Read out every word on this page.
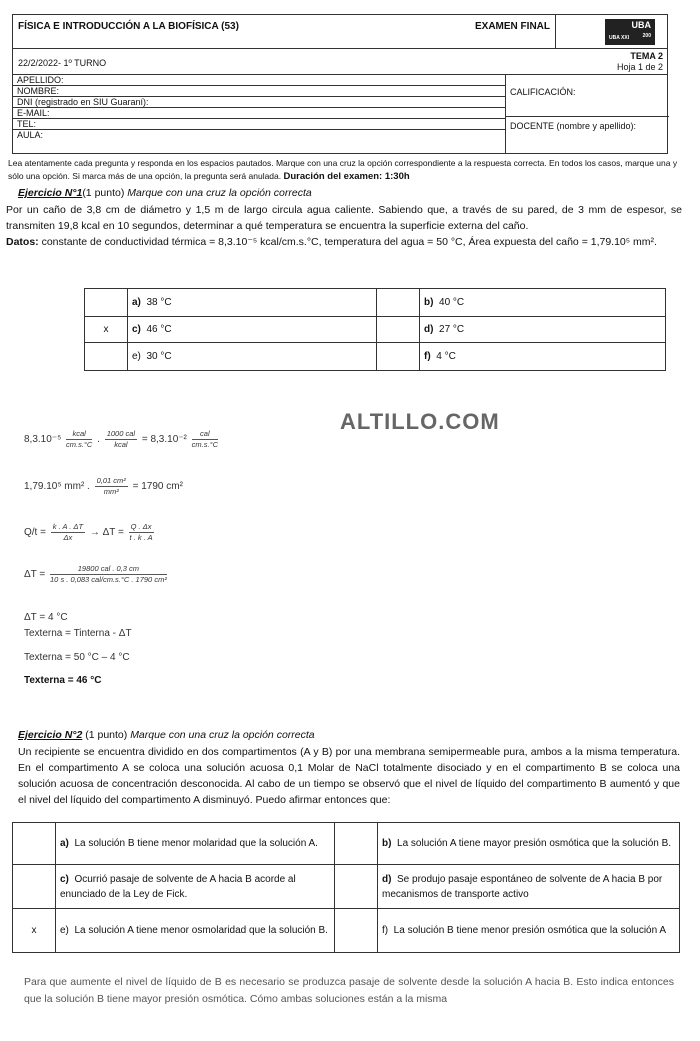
FÍSICA E INTRODUCCIÓN A LA BIOFÍSICA (53)	EXAMEN FINAL	UBA
200
UBA XXI
22/2/2022- 1º TURNO
TEMA 2
Hoja 1 de 2
APELLIDO:
NOMBRE:
DNI (registrado en SIU Guaraní):
E-MAIL:
TEL:
AULA:
CALIFICACIÓN:
DOCENTE (nombre y apellido):
Lea atentamente cada pregunta y responda en los espacios pautados. Marque con una cruz la opción correspondiente a la respuesta correcta. En todos los casos, marque una y sólo una opción. Si marca más de una opción, la pregunta será anulada. Duración del examen: 1:30h
Ejercicio N°1(1 punto) Marque con una cruz la opción correcta

Por un caño de 3,8 cm de diámetro y 1,5 m de largo circula agua caliente. Sabiendo que, a través de su pared, de 3 mm de espesor, se transmiten 19,8 kcal en 10 segundos, determinar a qué temperatura se encuentra la superficie externa del caño.

Datos: constante de conductividad térmica = 8,3.10⁻⁵ kcal/cm.s.°C, temperatura del agua = 50 °C, Área expuesta del caño = 1,79.10⁵ mm².

	a) 38 °C		b) 40 °C
x	c) 46 °C		d) 27 °C
	e) 30 °C		f) 4 °C
ALTILLO.COM
$8,3.10^{-5} \frac{\text{kcal}}{cm.s.^\circ C}$ . $\frac{\text{1000 cal}}{\text{kcal}} = 8,3.10^{-2} \frac{\text{cal}}{cm.s.^\circ C}$
1,79.10⁵ mm² . $\frac{\text{0,01 cm²}}{\text{mm²}} = 1790$ cm²
$Q/t = \frac{k . A . \Delta T}{\Delta x} \to \Delta T = \frac{Q . \Delta x}{t . k . A}$
$\Delta T = \frac{\text{19800 cal . 0,3 cm}}{\text{10 s . 0,083 cal/cm.s.°C . 1790 cm²}}$
ΔT = 4 °C
Texterna = Tinterna - ΔT
Texterna = 50 °C – 4 °C
Texterna = 46 °C
Ejercicio N°2 (1 punto) Marque con una cruz la opción correcta

Un recipiente se encuentra dividido en dos compartimentos (A y B) por una membrana semipermeable pura, ambos a la misma temperatura. En el compartimento A se coloca una solución acuosa 0,1 Molar de NaCl totalmente disociado y en el compartimento B se coloca una solución acuosa de concentración desconocida. Al cabo de un tiempo se observó que el nivel de líquido del compartimento B aumentó y que el nivel del líquido del compartimento A disminuyó. Puedo afirmar entonces que:

	a) La solución B tiene menor molaridad que la solución A.		b) La solución A tiene mayor presión osmótica que la solución B.
	c) Ocurrió pasaje de solvente de A hacia B acorde al enunciado de la Ley de Fick.		d) Se produjo pasaje espontáneo de solvente de A hacia B por mecanismos de transporte activo
x	e) La solución A tiene menor osmolaridad que la solución B.		f) La solución B tiene menor presión osmótica que la solución A
Para que aumente el nivel de líquido de B es necesario se produzca pasaje de solvente desde la solución A hacia B. Esto indica entonces que la solución B tiene mayor presión osmótica. Cómo ambas soluciones están a la misma
